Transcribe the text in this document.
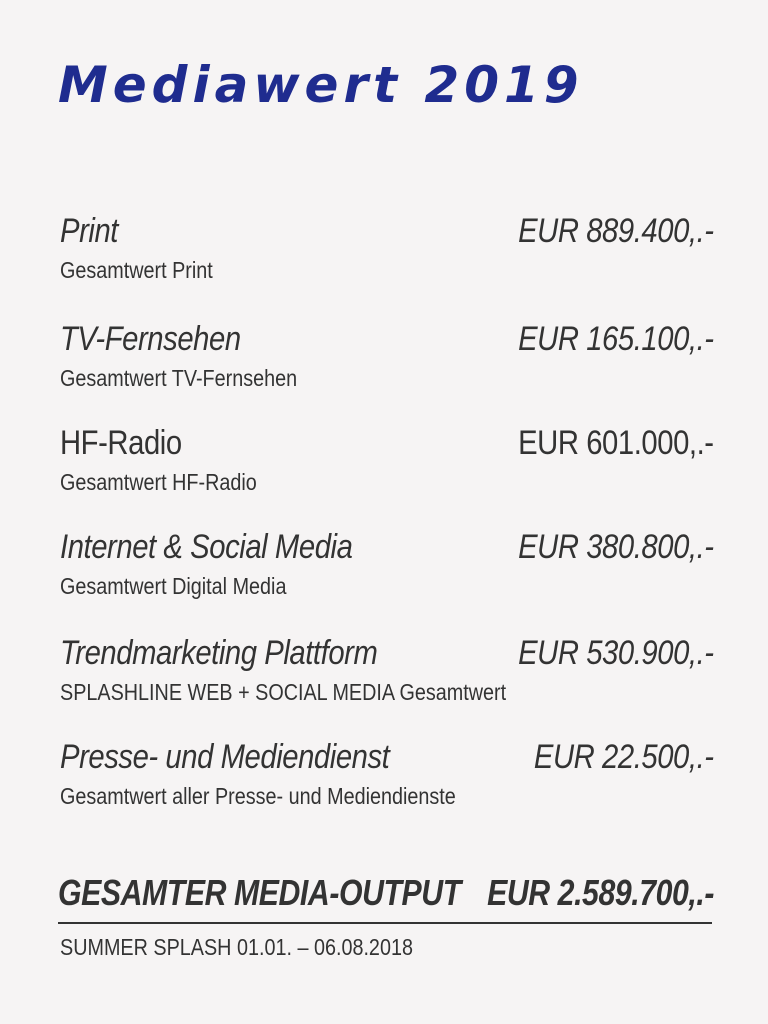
Mediawert 2019
Print	EUR 889.400,.-
Gesamtwert Print
TV-Fernsehen	EUR 165.100,.-
Gesamtwert TV-Fernsehen
HF-Radio	EUR 601.000,.-
Gesamtwert HF-Radio
Internet & Social Media	EUR 380.800,.-
Gesamtwert Digital Media
Trendmarketing Plattform	EUR 530.900,.-
SPLASHLINE WEB + SOCIAL MEDIA Gesamtwert
Presse- und Mediendienst	EUR 22.500,.-
Gesamtwert aller Presse- und Mediendienste
GESAMTER MEDIA-OUTPUT EUR 2.589.700,.-
SUMMER SPLASH 01.01. – 06.08.2018
